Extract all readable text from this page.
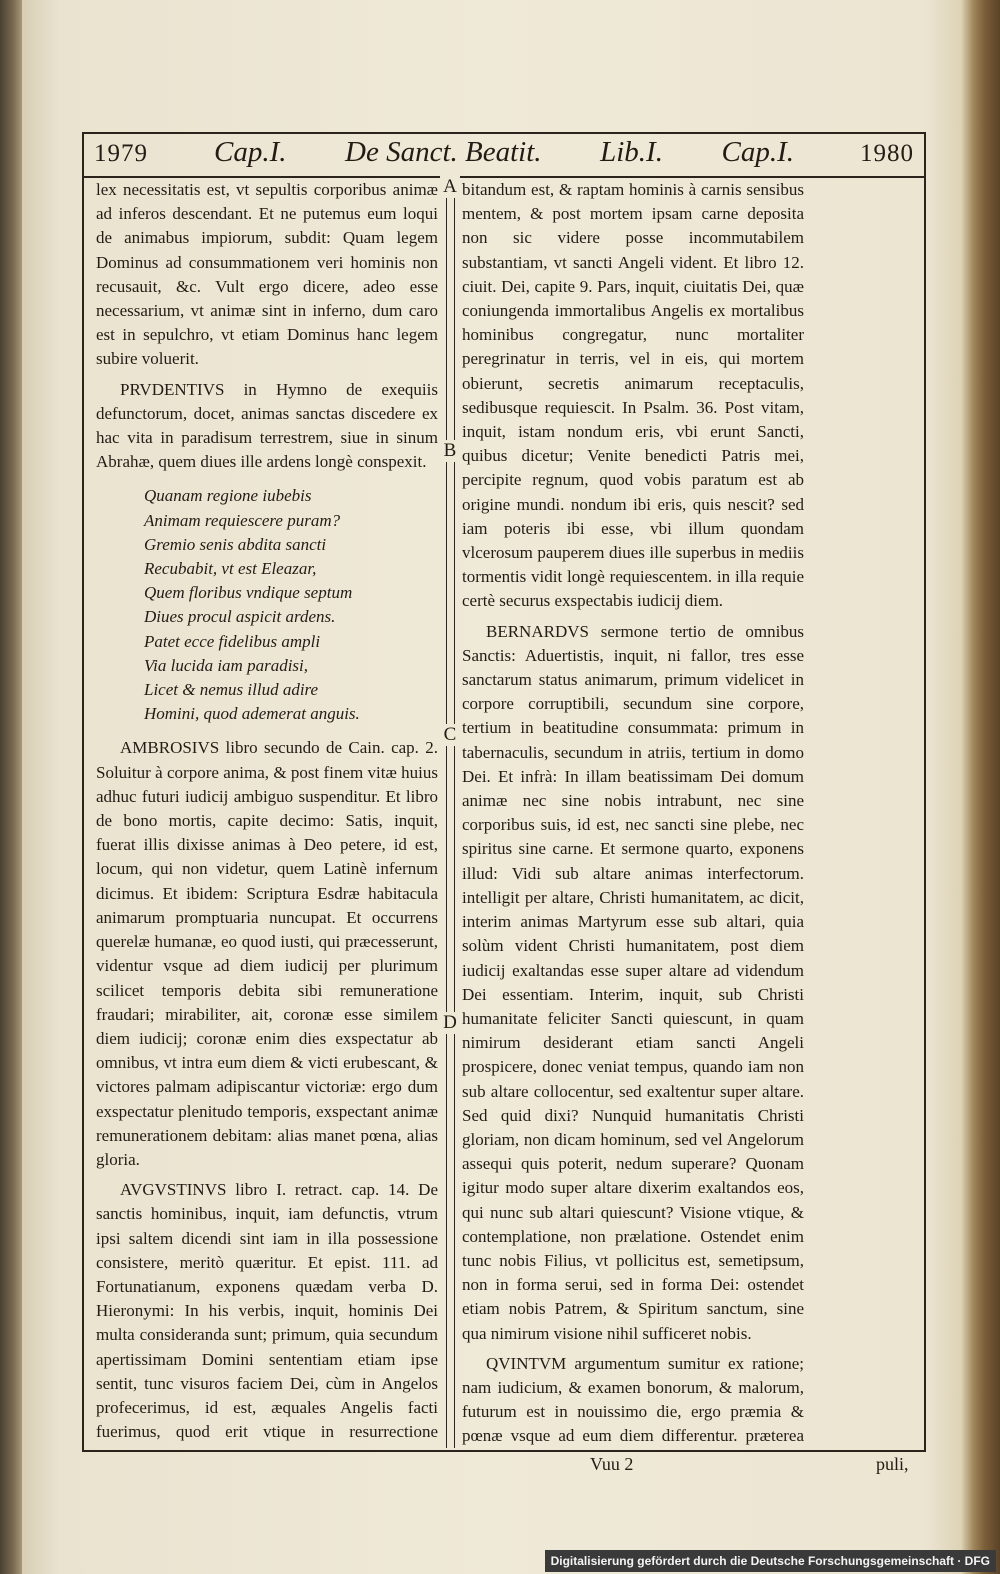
1979 Cap.I. De Sanct. Beatit. Lib.I. Cap.I.	1980

lex necessitatis est, vt sepultis corporibus animæ ad inferos descendant. Et ne putemus eum loqui de animabus impiorum, subdit: Quam legem Dominus ad consummationem veri hominis non recusauit, &c. Vult ergo dicere, adeo esse necessarium, vt animæ sint in inferno, dum caro est in sepulchro, vt etiam Dominus hanc legem subire voluerit.

PRVDENTIVS in Hymno de exequiis defunctorum, docet, animas sanctas discedere ex hac vita in paradisum terrestrem, siue in sinum Abrahæ, quem diues ille ardens longè conspexit.

Quanam regione iubebis
Animam requiescere puram?
Gremio senis abdita sancti
Recubabit, vt est Eleazar,
Quem floribus vndique septum
Diues procul aspicit ardens.
Patet ecce fidelibus ampli
Via lucida iam paradisi,
Licet & nemus illud adire
Homini, quod ademerat anguis.

AMBROSIVS libro secundo de Cain. cap. 2. Soluitur à corpore anima, & post finem vitæ huius adhuc futuri iudicij ambiguo suspenditur. Et libro de bono mortis, capite decimo: Satis, inquit, fuerat illis dixisse animas à Deo petere, id est, locum, qui non videtur, quem Latinè infernum dicimus. Et ibidem: Scriptura Esdræ habitacula animarum promptuaria nuncupat. Et occurrens querelæ humanæ, eo quod iusti, qui præcesserunt, videntur vsque ad diem iudicij per plurimum scilicet temporis debita sibi remuneratione fraudari; mirabiliter, ait, coronæ esse similem diem iudicij; coronæ enim dies exspectatur ab omnibus, vt intra eum diem & victi erubescant, & victores palmam adipiscantur victoriæ: ergo dum exspectatur plenitudo temporis, exspectant animæ remunerationem debitam: alias manet pœna, alias gloria.

AVGVSTINVS libro I. retract. cap. 14. De sanctis hominibus, inquit, iam defunctis, vtrum ipsi saltem dicendi sint iam in illa possessione consistere, meritò quæritur. Et epist. 111. ad Fortunatianum, exponens quædam verba D. Hieronymi: In his verbis, inquit, hominis Dei multa consideranda sunt; primum, quia secundum apertissimam Domini sententiam etiam ipse sentit, tunc visuros faciem Dei, cùm in Angelos profecerimus, id est, æquales Angelis facti fuerimus, quod erit vtique in resurrectione

A
B
C
D

bitandum est, & raptam hominis à carnis sensibus mentem, & post mortem ipsam carne deposita non sic videre posse incommutabilem substantiam, vt sancti Angeli vident. Et libro 12. ciuit. Dei, capite 9. Pars, inquit, ciuitatis Dei, quæ coniungenda immortalibus Angelis ex mortalibus hominibus congregatur, nunc mortaliter peregrinatur in terris, vel in eis, qui mortem obierunt, secretis animarum receptaculis, sedibusque requiescit. In Psalm. 36. Post vitam, inquit, istam nondum eris, vbi erunt Sancti, quibus dicetur; Venite benedicti Patris mei, percipite regnum, quod vobis paratum est ab origine mundi. nondum ibi eris, quis nescit? sed iam poteris ibi esse, vbi illum quondam vlcerosum pauperem diues ille superbus in mediis tormentis vidit longè requiescentem. in illa requie certè securus exspectabis iudicij diem.

BERNARDVS sermone tertio de omnibus Sanctis: Aduertistis, inquit, ni fallor, tres esse sanctarum status animarum, primum videlicet in corpore corruptibili, secundum sine corpore, tertium in beatitudine consummata: primum in tabernaculis, secundum in atriis, tertium in domo Dei. Et infrà: In illam beatissimam Dei domum animæ nec sine nobis intrabunt, nec sine corporibus suis, id est, nec sancti sine plebe, nec spiritus sine carne. Et sermone quarto, exponens illud: Vidi sub altare animas interfectorum. intelligit per altare, Christi humanitatem, ac dicit, interim animas Martyrum esse sub altari, quia solùm vident Christi humanitatem, post diem iudicij exaltandas esse super altare ad videndum Dei essentiam. Interim, inquit, sub Christi humanitate feliciter Sancti quiescunt, in quam nimirum desiderant etiam sancti Angeli prospicere, donec veniat tempus, quando iam non sub altare collocentur, sed exaltentur super altare. Sed quid dixi? Nunquid humanitatis Christi gloriam, non dicam hominum, sed vel Angelorum assequi quis poterit, nedum superare? Quonam igitur modo super altare dixerim exaltandos eos, qui nunc sub altari quiescunt? Visione vtique, & contemplatione, non prælatione. Ostendet enim tunc nobis Filius, vt pollicitus est, semetipsum, non in forma serui, sed in forma Dei: ostendet etiam nobis Patrem, & Spiritum sanctum, sine qua nimirum visione nihil sufficeret nobis.

QVINTVM argumentum sumitur ex ratione; nam iudicium, & examen bonorum, & malorum, futurum est in nouissimo die, ergo præmia & pœnæ vsque ad eum diem differentur. præterea

Vuu 2	puli,
Digitalisierung gefördert durch die Deutsche Forschungsgemeinschaft · DFG
